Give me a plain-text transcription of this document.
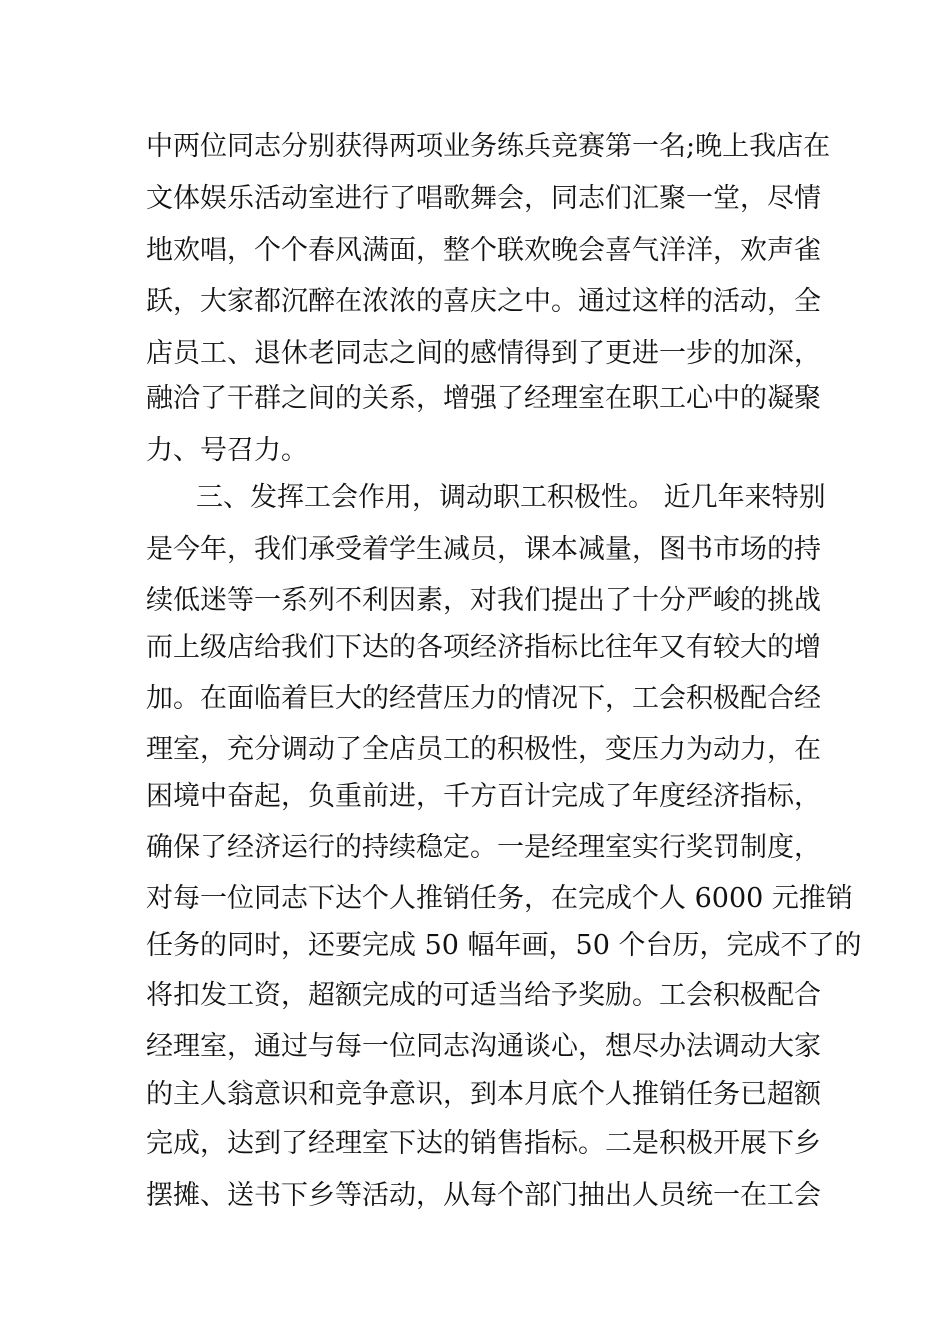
中两位同志分别获得两项业务练兵竞赛第一名;晚上我店在
文体娱乐活动室进行了唱歌舞会，同志们汇聚一堂，尽情
地欢唱，个个春风满面，整个联欢晚会喜气洋洋，欢声雀
跃，大家都沉醉在浓浓的喜庆之中。通过这样的活动，全
店员工、退休老同志之间的感情得到了更进一步的加深，
融洽了干群之间的关系，增强了经理室在职工心中的凝聚
力、号召力。
三、发挥工会作用，调动职工积极性。 近几年来特别
是今年，我们承受着学生减员，课本减量，图书市场的持
续低迷等一系列不利因素，对我们提出了十分严峻的挑战
而上级店给我们下达的各项经济指标比往年又有较大的增
加。在面临着巨大的经营压力的情况下，工会积极配合经
理室，充分调动了全店员工的积极性，变压力为动力，在
困境中奋起，负重前进，千方百计完成了年度经济指标，
确保了经济运行的持续稳定。一是经理室实行奖罚制度，
对每一位同志下达个人推销任务，在完成个人 6000 元推销
任务的同时，还要完成 50 幅年画，50 个台历，完成不了的
将扣发工资，超额完成的可适当给予奖励。工会积极配合
经理室，通过与每一位同志沟通谈心，想尽办法调动大家
的主人翁意识和竞争意识，到本月底个人推销任务已超额
完成，达到了经理室下达的销售指标。二是积极开展下乡
摆摊、送书下乡等活动，从每个部门抽出人员统一在工会
